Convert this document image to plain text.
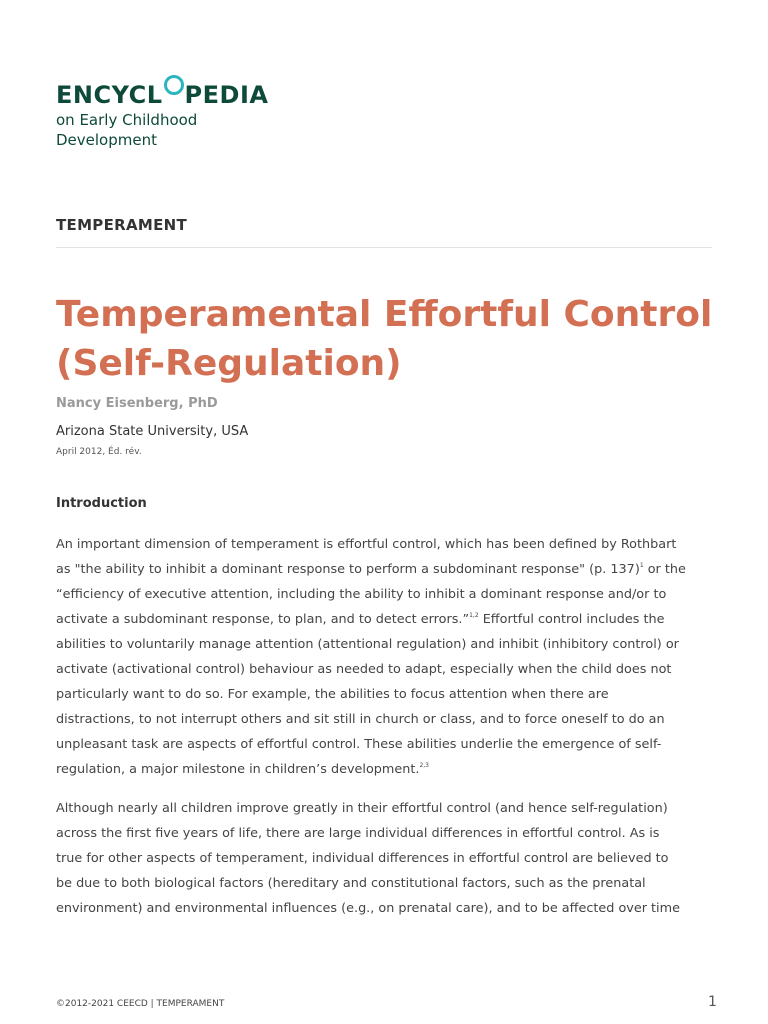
ENCYCL PEDIA
on Early Childhood
Development
TEMPERAMENT
Temperamental Effortful Control (Self-Regulation)
Nancy Eisenberg, PhD
Arizona State University, USA
April 2012, Éd. rév.
Introduction
An important dimension of temperament is effortful control, which has been defined by Rothbart
as "the ability to inhibit a dominant response to perform a subdominant response" (p. 137)$^1$ or the
“efficiency of executive attention, including the ability to inhibit a dominant response and/or to
activate a subdominant response, to plan, and to detect errors.”$^{1,2}$ Effortful control includes the
abilities to voluntarily manage attention (attentional regulation) and inhibit (inhibitory control) or
activate (activational control) behaviour as needed to adapt, especially when the child does not
particularly want to do so. For example, the abilities to focus attention when there are
distractions, to not interrupt others and sit still in church or class, and to force oneself to do an
unpleasant task are aspects of effortful control. These abilities underlie the emergence of self-
regulation, a major milestone in children’s development.$^{2,3}$
Although nearly all children improve greatly in their effortful control (and hence self-regulation)
across the first five years of life, there are large individual differences in effortful control. As is
true for other aspects of temperament, individual differences in effortful control are believed to
be due to both biological factors (hereditary and constitutional factors, such as the prenatal
environment) and environmental influences (e.g., on prenatal care), and to be affected over time
©2012-2021 CEECD | TEMPERAMENT	1
